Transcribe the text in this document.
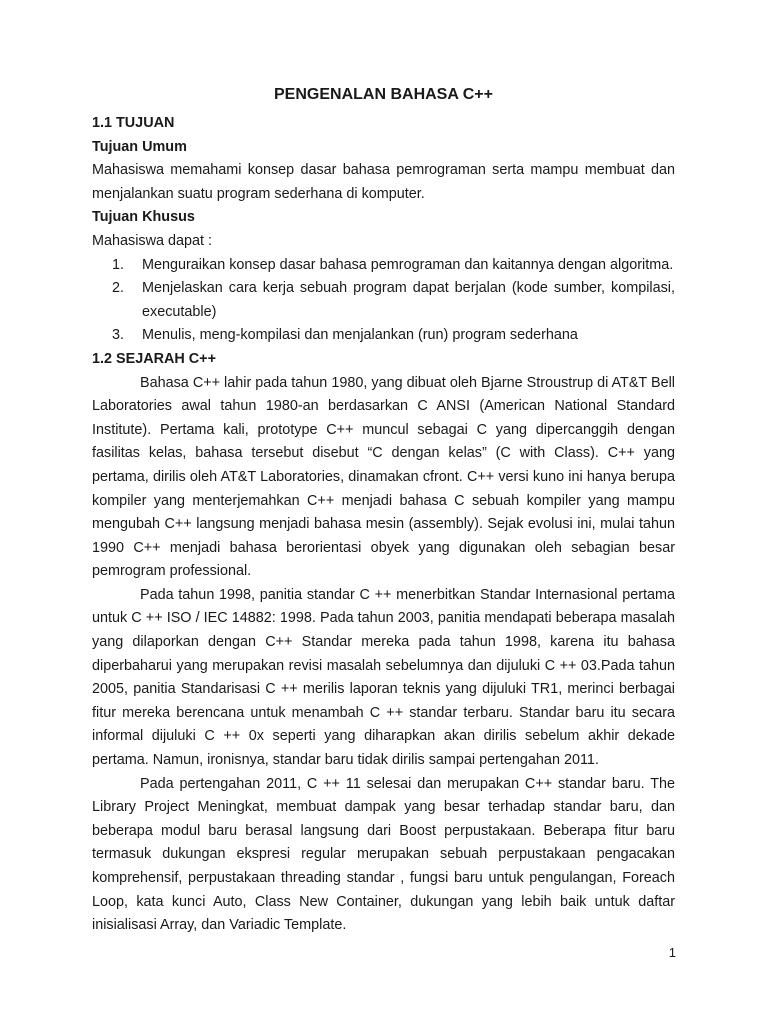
PENGENALAN BAHASA C++
1.1 TUJUAN
Tujuan Umum

Mahasiswa memahami konsep dasar bahasa pemrograman serta mampu membuat dan menjalankan suatu program sederhana di komputer.

Tujuan Khusus

Mahasiswa dapat :

1. Menguraikan konsep dasar bahasa pemrograman dan kaitannya dengan algoritma.
2. Menjelaskan cara kerja sebuah program dapat berjalan (kode sumber, kompilasi, executable)
3. Menulis, meng-kompilasi dan menjalankan (run) program sederhana
1.2 SEJARAH C++

Bahasa C++ lahir pada tahun 1980, yang dibuat oleh Bjarne Stroustrup di AT&T Bell Laboratories awal tahun 1980-an berdasarkan C ANSI (American National Standard Institute). Pertama kali, prototype C++ muncul sebagai C yang dipercanggih dengan fasilitas kelas, bahasa tersebut disebut “C dengan kelas” (C with Class). C++ yang pertama, dirilis oleh AT&T Laboratories, dinamakan cfront. C++ versi kuno ini hanya berupa kompiler yang menterjemahkan C++ menjadi bahasa C sebuah kompiler yang mampu mengubah C++ langsung menjadi bahasa mesin (assembly). Sejak evolusi ini, mulai tahun 1990 C++ menjadi bahasa berorientasi obyek yang digunakan oleh sebagian besar pemrogram professional.

Pada tahun 1998, panitia standar C ++ menerbitkan Standar Internasional pertama untuk C ++ ISO / IEC 14882: 1998. Pada tahun 2003, panitia mendapati beberapa masalah yang dilaporkan dengan C++ Standar mereka pada tahun 1998, karena itu bahasa diperbaharui yang merupakan revisi masalah sebelumnya dan dijuluki C ++ 03.Pada tahun 2005, panitia Standarisasi C ++ merilis laporan teknis yang dijuluki TR1, merinci berbagai fitur mereka berencana untuk menambah C ++ standar terbaru. Standar baru itu secara informal dijuluki C ++ 0x seperti yang diharapkan akan dirilis sebelum akhir dekade pertama. Namun, ironisnya, standar baru tidak dirilis sampai pertengahan 2011.

Pada pertengahan 2011, C ++ 11 selesai dan merupakan C++ standar baru. The Library Project Meningkat, membuat dampak yang besar terhadap standar baru, dan beberapa modul baru berasal langsung dari Boost perpustakaan. Beberapa fitur baru termasuk dukungan ekspresi regular merupakan sebuah perpustakaan pengacakan komprehensif, perpustakaan threading standar , fungsi baru untuk pengulangan, Foreach Loop, kata kunci Auto, Class New Container, dukungan yang lebih baik untuk daftar inisialisasi Array, dan Variadic Template.

1
